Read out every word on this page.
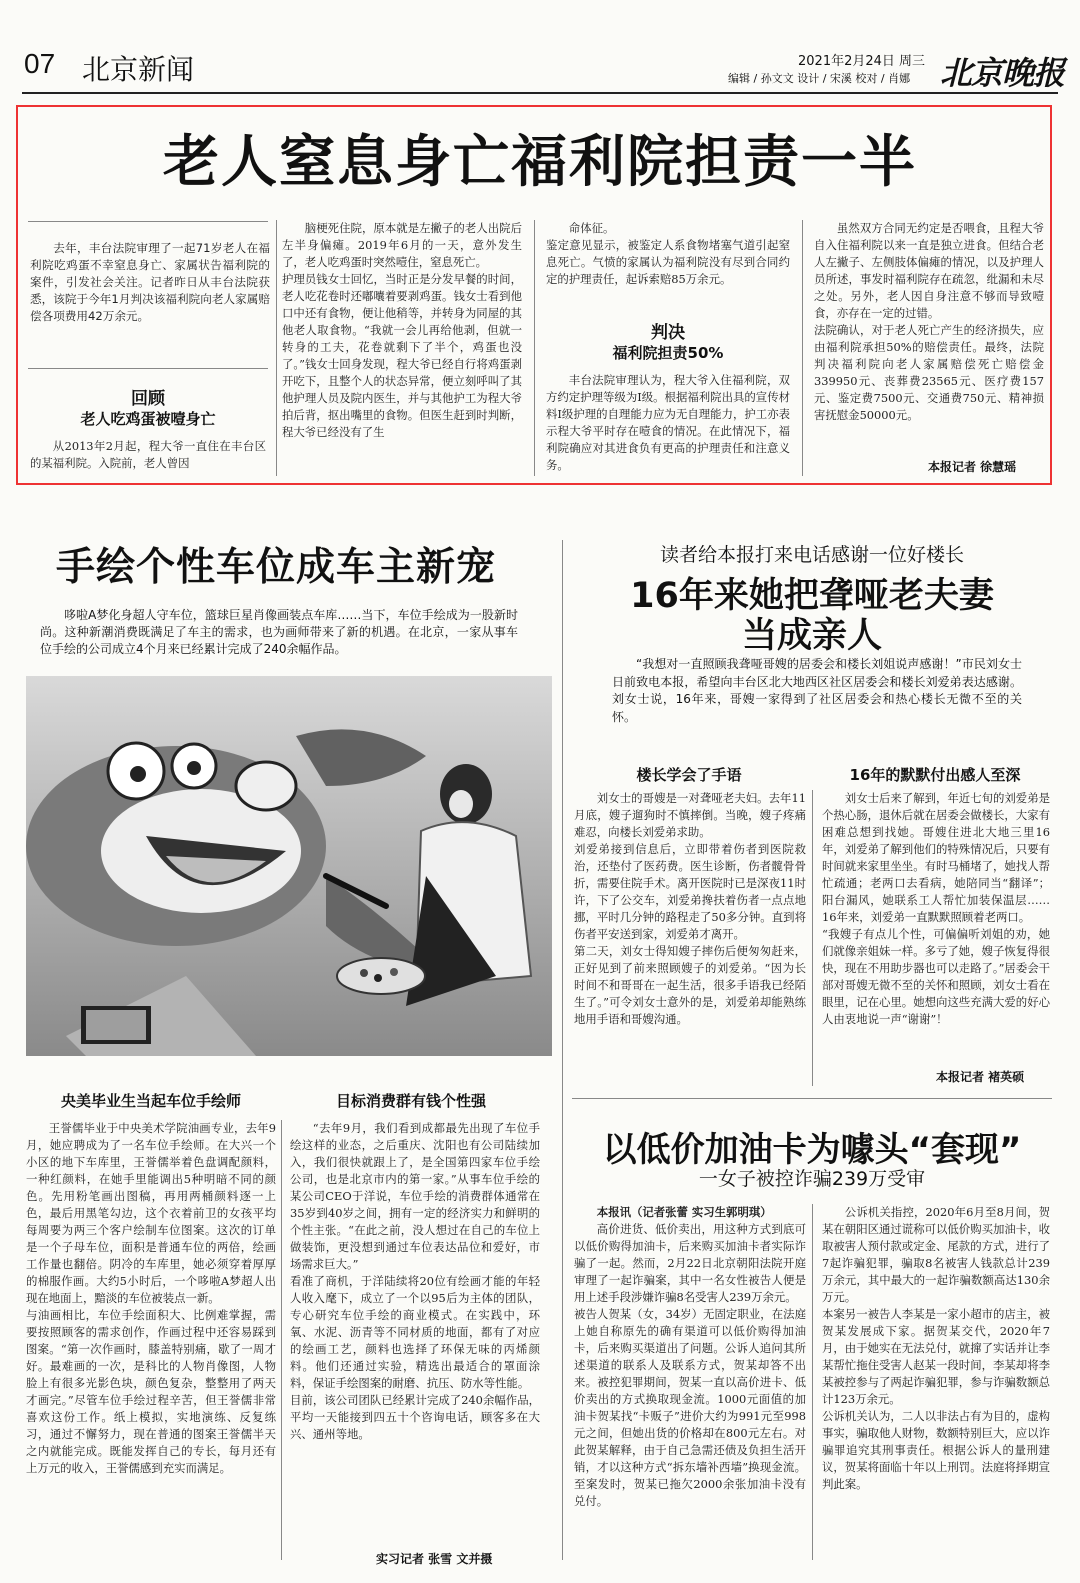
07 北京新闻	2021年2月24日 周三
编辑 / 孙文文 设计 / 宋溪 校对 / 肖娜 北京晚报
老人窒息身亡福利院担责一半

去年，丰台法院审理了一起71岁老人在福利院吃鸡蛋不幸窒息身亡、家属状告福利院的案件，引发社会关注。记者昨日从丰台法院获悉，该院于今年1月判决该福利院向老人家属赔偿各项费用42万余元。

回顾
老人吃鸡蛋被噎身亡

从2013年2月起，程大爷一直住在丰台区的某福利院。入院前，老人曾因

脑梗死住院，原本就是左撇子的老人出院后左半身偏瘫。2019年6月的一天，意外发生了，老人吃鸡蛋时突然噎住，窒息死亡。
护理员钱女士回忆，当时正是分发早餐的时间，老人吃花卷时还嘟囔着要剥鸡蛋。钱女士看到他口中还有食物，便让他稍等，并转身为同屋的其他老人取食物。“我就一会儿再给他剥，但就一转身的工夫，花卷就剩下了半个，鸡蛋也没了。”钱女士回身发现，程大爷已经自行将鸡蛋剥开吃下，且整个人的状态异常，便立刻呼叫了其他护理人员及院内医生，并与其他护工为程大爷拍后背，抠出嘴里的食物。但医生赶到时判断，程大爷已经没有了生

命体征。
鉴定意见显示，被鉴定人系食物堵塞气道引起窒息死亡。气愤的家属认为福利院没有尽到合同约定的护理责任，起诉索赔85万余元。

判决
福利院担责50%

丰台法院审理认为，程大爷入住福利院，双方约定护理等级为I级。根据福利院出具的宣传材料I级护理的自理能力应为无自理能力，护工亦表示程大爷平时存在噎食的情况。在此情况下，福利院确应对其进食负有更高的护理责任和注意义务。

虽然双方合同无约定是否喂食，且程大爷自入住福利院以来一直是独立进食。但结合老人左撇子、左侧肢体偏瘫的情况，以及护理人员所述，事发时福利院存在疏忽，纰漏和未尽之处。另外，老人因自身注意不够而导致噎食，亦存在一定的过错。
法院确认，对于老人死亡产生的经济损失，应由福利院承担50%的赔偿责任。最终，法院判决福利院向老人家属赔偿死亡赔偿金339950元、丧葬费23565元、医疗费157元、鉴定费7500元、交通费750元、精神损害抚慰金50000元。

本报记者 徐慧瑶
手绘个性车位成车主新宠

哆啦A梦化身超人守车位，篮球巨星肖像画装点车库……当下，车位手绘成为一股新时尚。这种新潮消费既满足了车主的需求，也为画师带来了新的机遇。在北京，一家从事车位手绘的公司成立4个月来已经累计完成了240余幅作品。

央美毕业生当起车位手绘师	目标消费群有钱个性强

王誉儒毕业于中央美术学院油画专业，去年9月，她应聘成为了一名车位手绘师。在大兴一个小区的地下车库里，王誉儒举着色盘调配颜料，一种红颜料，在她手里能调出5种明暗不同的颜色。先用粉笔画出图稿，再用两桶颜料逐一上色，最后用黑笔勾边，这个衣着前卫的女孩平均每周要为两三个客户绘制车位图案。这次的订单是一个子母车位，面积是普通车位的两倍，绘画工作量也翻倍。阴冷的车库里，她必须穿着厚厚的棉服作画。大约5小时后，一个哆啦A梦超人出现在地面上，黯淡的车位被装点一新。
与油画相比，车位手绘面积大、比例难掌握，需要按照顾客的需求创作，作画过程中还容易踩到图案。“第一次作画时，膝盖特别痛，歇了一周才好。最难画的一次，是科比的人物肖像图，人物脸上有很多光影色块，颜色复杂，整整用了两天才画完。”尽管车位手绘过程辛苦，但王誉儒非常喜欢这份工作。纸上模拟，实地演练、反复练习，通过不懈努力，现在普通的图案王誉儒半天之内就能完成。既能发挥自己的专长，每月还有上万元的收入，王誉儒感到充实而满足。

“去年9月，我们看到成都最先出现了车位手绘这样的业态，之后重庆、沈阳也有公司陆续加入，我们很快就跟上了，是全国第四家车位手绘公司，也是北京市内的第一家。”从事车位手绘的某公司CEO于洋说，车位手绘的消费群体通常在35岁到40岁之间，拥有一定的经济实力和鲜明的个性主张。“在此之前，没人想过在自己的车位上做装饰，更没想到通过车位表达品位和爱好，市场需求巨大。”
看准了商机，于洋陆续将20位有绘画才能的年轻人收入麾下，成立了一个以95后为主体的团队，专心研究车位手绘的商业模式。在实践中，环氧、水泥、沥青等不同材质的地面，都有了对应的绘画工艺，颜料也选择了环保无味的丙烯颜料。他们还通过实验，精选出最适合的罩面涂料，保证手绘图案的耐磨、抗压、防水等性能。
目前，该公司团队已经累计完成了240余幅作品，平均一天能接到四五十个咨询电话，顾客多在大兴、通州等地。

实习记者 张雪 文并摄
读者给本报打来电话感谢一位好楼长
16年来她把聋哑老夫妻
当成亲人

“我想对一直照顾我聋哑哥嫂的居委会和楼长刘姐说声感谢！”市民刘女士日前致电本报，希望向丰台区北大地西区社区居委会和楼长刘爱弟表达感谢。刘女士说，16年来，哥嫂一家得到了社区居委会和热心楼长无微不至的关怀。

楼长学会了手语	16年的默默付出感人至深

刘女士的哥嫂是一对聋哑老夫妇。去年11月底，嫂子遛狗时不慎摔倒。当晚，嫂子疼痛难忍，向楼长刘爱弟求助。
刘爱弟接到信息后，立即带着伤者到医院救治，还垫付了医药费。医生诊断，伤者髋骨骨折，需要住院手术。离开医院时已是深夜11时许，下了公交车，刘爱弟搀扶着伤者一点点地挪，平时几分钟的路程走了50多分钟。直到将伤者平安送到家，刘爱弟才离开。
第二天，刘女士得知嫂子摔伤后便匆匆赶来，正好见到了前来照顾嫂子的刘爱弟。“因为长时间不和哥哥在一起生活，很多手语我已经陌生了。”可令刘女士意外的是，刘爱弟却能熟练地用手语和哥嫂沟通。

刘女士后来了解到，年近七旬的刘爱弟是个热心肠，退休后就在居委会做楼长，大家有困难总想到找她。哥嫂住进北大地三里16年，刘爱弟了解到他们的特殊情况后，只要有时间就来家里坐坐。有时马桶堵了，她找人帮忙疏通；老两口去看病，她陪同当“翻译”；阳台漏风，她联系工人帮忙加装保温层……16年来，刘爱弟一直默默照顾着老两口。
“我嫂子有点儿个性，可偏偏听刘姐的劝，她们就像亲姐妹一样。多亏了她，嫂子恢复得很快，现在不用助步器也可以走路了。”居委会干部对哥嫂无微不至的关怀和照顾，刘女士看在眼里，记在心里。她想向这些充满大爱的好心人由衷地说一声“谢谢”！

本报记者 褚英硕
以低价加油卡为噱头“套现”
一女子被控诈骗239万受审

本报讯（记者张蕾 实习生郭明琪）

高价进货、低价卖出，用这种方式到底可以低价购得加油卡，后来购买加油卡者实际诈骗了一起。然而，2月22日北京朝阳法院开庭审理了一起诈骗案，其中一名女性被告人便是用上述手段涉嫌诈骗8名受害人239万余元。
被告人贺某（女，34岁）无固定职业，在法庭上她自称原先的确有渠道可以低价购得加油卡，后来购买渠道出了问题。公诉人追问其所述渠道的联系人及联系方式，贺某却答不出来。被控犯罪期间，贺某一直以高价进卡、低价卖出的方式换取现金流。1000元面值的加油卡贺某找“卡贩子”进价大约为991元至998元之间，但她出货的价格却在800元左右。对此贺某解释，由于自己急需还债及负担生活开销，才以这种方式“拆东墙补西墙”换现金流。至案发时，贺某已拖欠2000余张加油卡没有兑付。

公诉机关指控，2020年6月至8月间，贺某在朝阳区通过谎称可以低价购买加油卡，收取被害人预付款或定金、尾款的方式，进行了7起诈骗犯罪，骗取8名被害人钱款总计239万余元，其中最大的一起诈骗数额高达130余万元。
本案另一被告人李某是一家小超市的店主，被贺某发展成下家。据贺某交代，2020年7月，由于她实在无法兑付，就撺了实话并让李某帮忙拖住受害人赵某一段时间，李某却将李某被控参与了两起诈骗犯罪，参与诈骗数额总计123万余元。
公诉机关认为，二人以非法占有为目的，虚构事实，骗取他人财物，数额特别巨大，应以诈骗罪追究其刑事责任。根据公诉人的量刑建议，贺某将面临十年以上刑罚。法庭将择期宣判此案。
